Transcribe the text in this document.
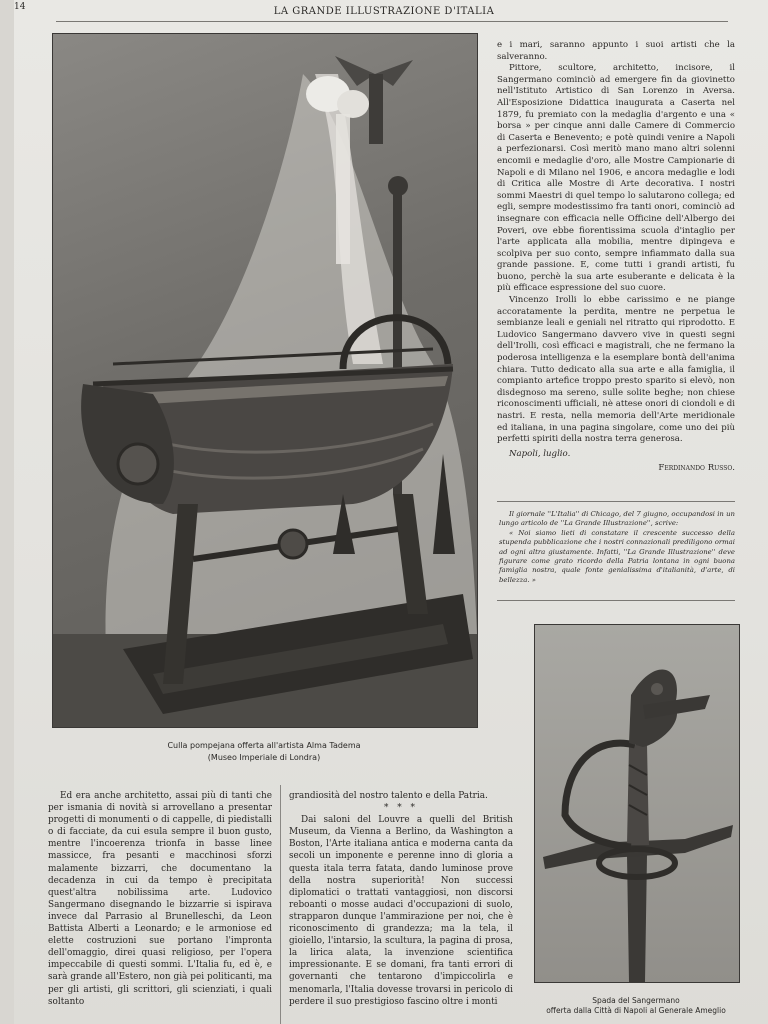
14	LA GRANDE ILLUSTRAZIONE D'ITALIA
Culla pompejana offerta all'artista Alma Tadema
(Museo Imperiale di Londra)

e i mari, saranno appunto i suoi artisti che la salveranno.

Pittore, scultore, architetto, incisore, il Sangermano cominciò ad emergere fin da giovinetto nell'Istituto Artistico di San Lorenzo in Aversa. All'Esposizione Didattica inaugurata a Caserta nel 1879, fu premiato con la medaglia d'argento e una « borsa » per cinque anni dalle Camere di Commercio di Caserta e Benevento; e potè quindi venire a Napoli a perfezionarsi. Così meritò mano mano altri solenni encomii e medaglie d'oro, alle Mostre Campionarie di Napoli e di Milano nel 1906, e ancora medaglie e lodi di Critica alle Mostre di Arte decorativa. I nostri sommi Maestri di quel tempo lo salutarono collega; ed egli, sempre modestissimo fra tanti onori, cominciò ad insegnare con efficacia nelle Officine dell'Albergo dei Poveri, ove ebbe fiorentissima scuola d'intaglio per l'arte applicata alla mobilia, mentre dipingeva e scolpiva per suo conto, sempre infiammato dalla sua grande passione. E, come tutti i grandi artisti, fu buono, perchè la sua arte esuberante e delicata è la più efficace espressione del suo cuore.

Vincenzo Irolli lo ebbe carissimo e ne piange accoratamente la perdita, mentre ne perpetua le sembianze leali e geniali nel ritratto qui riprodotto. E Ludovico Sangermano davvero vive in questi segni dell'Irolli, così efficaci e magistrali, che ne fermano la poderosa intelligenza e la esemplare bontà dell'anima chiara. Tutto dedicato alla sua arte e alla famiglia, il compianto artefice troppo presto sparito si elevò, non disdegnoso ma sereno, sulle solite beghe; non chiese riconoscimenti ufficiali, nè attese onori di ciondoli e di nastri. E resta, nella memoria dell'Arte meridionale ed italiana, in una pagina singolare, come uno dei più perfetti spiriti della nostra terra generosa.

Napoli, luglio.

Ferdinando Russo.

Il giornale ''L'Italia'' di Chicago, del 7 giugno, occupandosi in un lungo articolo de ''La Grande Illustrazione'', scrive:

« Noi siamo lieti di constatare il crescente successo della stupenda pubblicazione che i nostri connazionali prediligono ormai ad ogni altra giustamente. Infatti, ''La Grande Illustrazione'' deve figurare come grato ricordo della Patria lontana in ogni buona famiglia nostra, quale fonte genialissima d'italianità, d'arte, di bellezza. »

Spada del Sangermano
offerta dalla Città di Napoli al Generale Ameglio

Ed era anche architetto, assai più di tanti che per ismania di novità si arrovellano a presentar progetti di monumenti o di cappelle, di piedistalli o di facciate, da cui esula sempre il buon gusto, mentre l'incoerenza trionfa in basse linee massicce, fra pesanti e macchinosi sforzi malamente bizzarri, che documentano la decadenza in cui da tempo è precipitata quest'altra nobilissima arte. Ludovico Sangermano disegnando le bizzarrie si ispirava invece dal Parrasio al Brunelleschi, da Leon Battista Alberti a Leonardo; e le armoniose ed elette costruzioni sue portano l'impronta dell'omaggio, direi quasi religioso, per l'opera impeccabile di questi sommi. L'Italia fu, ed è, e sarà grande all'Estero, non già pei politicanti, ma per gli artisti, gli scrittori, gli scienziati, i quali soltanto

grandiosità del nostro talento e della Patria.

* * *

Dai saloni del Louvre a quelli del British Museum, da Vienna a Berlino, da Washington a Boston, l'Arte italiana antica e moderna canta da secoli un imponente e perenne inno di gloria a questa itala terra fatata, dando luminose prove della nostra superiorità! Non successi diplomatici o trattati vantaggiosi, non discorsi reboanti o mosse audaci d'occupazioni di suolo, strapparon dunque l'ammirazione per noi, che è riconoscimento di grandezza; ma la tela, il gioiello, l'intarsio, la scultura, la pagina di prosa, la lirica alata, la invenzione scientifica impressionante. E se domani, fra tanti errori di governanti che tentarono d'impiccolirla e menomarla, l'Italia dovesse trovarsi in pericolo di perdere il suo prestigioso fascino oltre i monti
